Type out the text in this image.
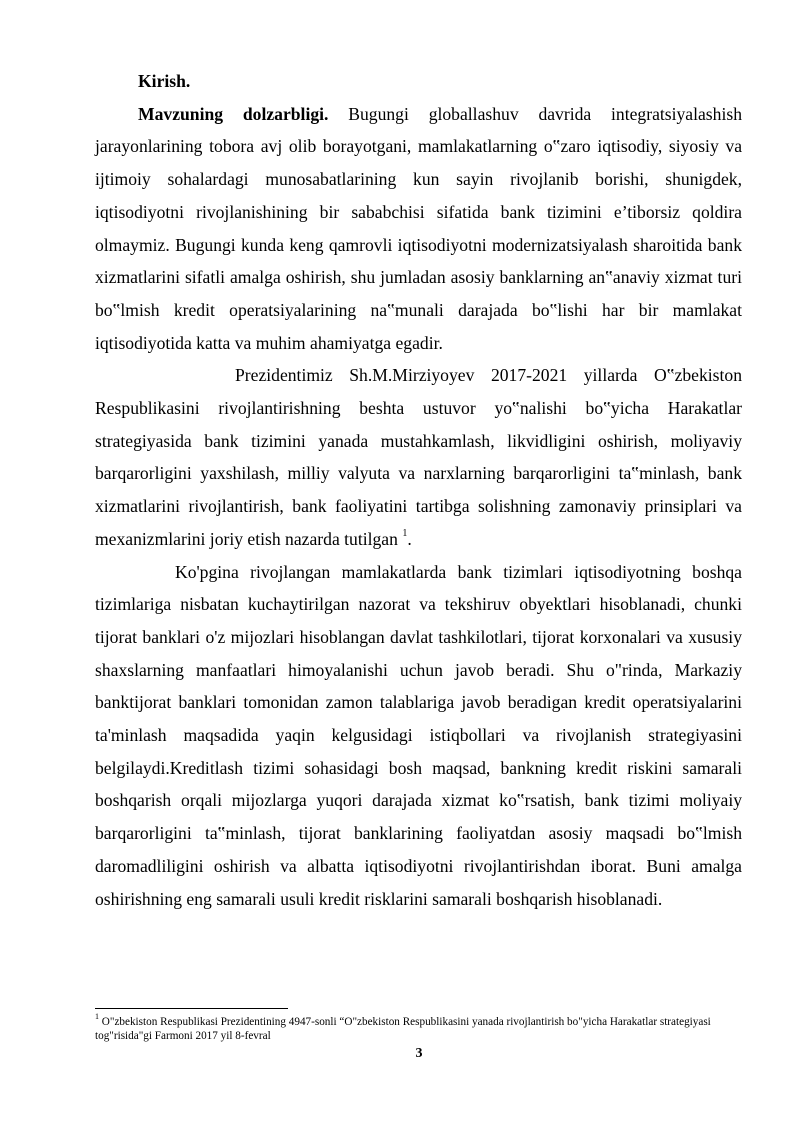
Kirish.

Mavzuning dolzarbligi. Bugungi globallashuv davrida integratsiyalashish jarayonlarining tobora avj olib borayotgani, mamlakatlarning o‟zaro iqtisodiy, siyosiy va ijtimoiy sohalardagi munosabatlarining kun sayin rivojlanib borishi, shunigdek, iqtisodiyotni rivojlanishining bir sababchisi sifatida bank tizimini e’tiborsiz qoldira olmaymiz. Bugungi kunda keng qamrovli iqtisodiyotni modernizatsiyalash sharoitida bank xizmatlarini sifatli amalga oshirish, shu jumladan asosiy banklarning an‟anaviy xizmat turi bo‟lmish kredit operatsiyalarining na‟munali darajada bo‟lishi har bir mamlakat iqtisodiyotida katta va muhim ahamiyatga egadir.

Prezidentimiz Sh.M.Mirziyoyev 2017-2021 yillarda O‟zbekiston Respublikasini rivojlantirishning beshta ustuvor yo‟nalishi bo‟yicha Harakatlar strategiyasida bank tizimini yanada mustahkamlash, likvidligini oshirish, moliyaviy barqarorligini yaxshilash, milliy valyuta va narxlarning barqarorligini ta‟minlash, bank xizmatlarini rivojlantirish, bank faoliyatini tartibga solishning zamonaviy prinsiplari va mexanizmlarini joriy etish nazarda tutilgan $^1$.

Ko'pgina rivojlangan mamlakatlarda bank tizimlari iqtisodiyotning boshqa tizimlariga nisbatan kuchaytirilgan nazorat va tekshiruv obyektlari hisoblanadi, chunki tijorat banklari o'z mijozlari hisoblangan davlat tashkilotlari, tijorat korxonalari va xususiy shaxslarning manfaatlari himoyalanishi uchun javob beradi. Shu o"rinda, Markaziy banktijorat banklari tomonidan zamon talablariga javob beradigan kredit operatsiyalarini ta'minlash maqsadida yaqin kelgusidagi istiqbollari va rivojlanish strategiyasini belgilaydi.Kreditlash tizimi sohasidagi bosh maqsad, bankning kredit riskini samarali boshqarish orqali mijozlarga yuqori darajada xizmat ko‟rsatish, bank tizimi moliyaiy barqarorligini ta‟minlash, tijorat banklarining faoliyatdan asosiy maqsadi bo‟lmish daromadliligini oshirish va albatta iqtisodiyotni rivojlantirishdan iborat. Buni amalga oshirishning eng samarali usuli kredit risklarini samarali boshqarish hisoblanadi.

$^1$ O"zbekiston Respublikasi Prezidentining 4947-sonli “O"zbekiston Respublikasini yanada rivojlantirish bo"yicha Harakatlar strategiyasi tog"risida"gi Farmoni 2017 yil 8-fevral
3
